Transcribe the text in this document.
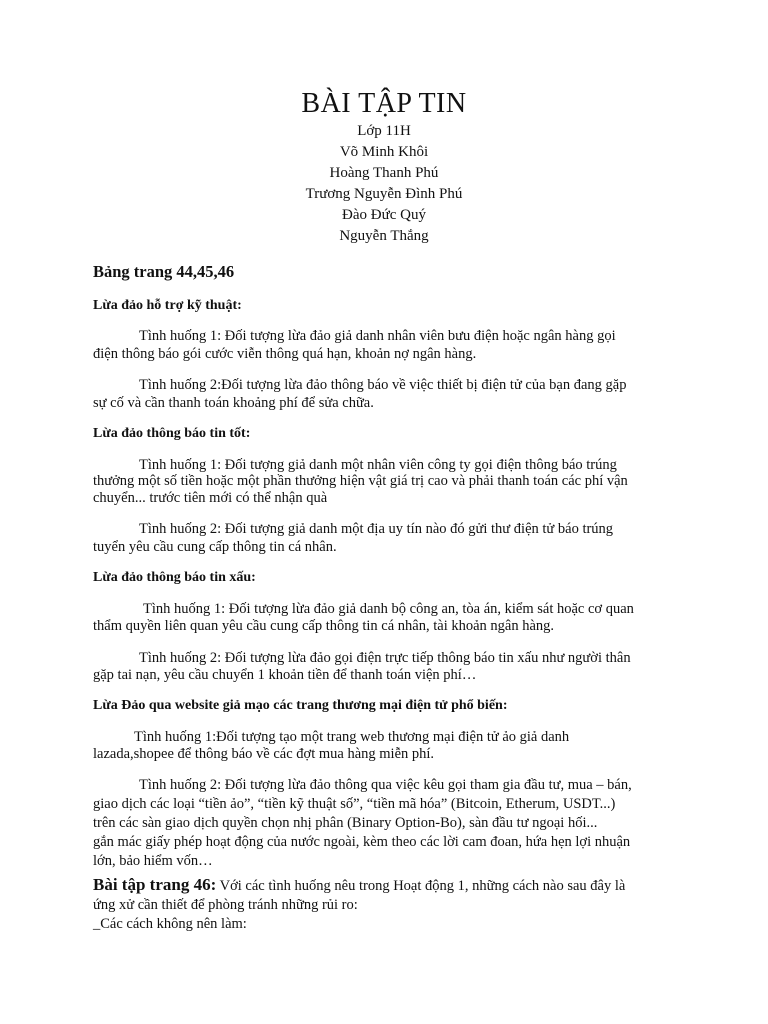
BÀI TẬP TIN
Lớp 11H
Võ Minh Khôi
Hoàng Thanh Phú
Trương Nguyễn Đình Phú
Đào Đức Quý
Nguyễn Thắng
Bảng trang 44,45,46
Lừa đảo hỗ trợ kỹ thuật:
Tình huống 1: Đối tượng lừa đảo giả danh nhân viên bưu điện hoặc ngân hàng gọi
điện thông báo gói cước viễn thông quá hạn, khoản nợ ngân hàng.
Tình huống 2:Đối tượng lừa đảo thông báo về việc thiết bị điện tử của bạn đang gặp
sự cố và cần thanh toán khoảng phí để sửa chữa.
Lừa đảo thông báo tin tốt:
Tình huống 1: Đối tượng giả danh một nhân viên công ty gọi điện thông báo trúng
thưởng một số tiền hoặc một phần thưởng hiện vật giá trị cao và phải thanh toán các phí vận
chuyển... trước tiên mới có thể nhận quà
Tình huống 2: Đối tượng giả danh một địa uy tín nào đó gửi thư điện tử báo trúng
tuyển yêu cầu cung cấp thông tin cá nhân.
Lừa đảo thông báo tin xấu:
Tình huống 1: Đối tượng lừa đảo giả danh bộ công an, tòa án, kiểm sát hoặc cơ quan
thẩm quyền liên quan yêu cầu cung cấp thông tin cá nhân, tài khoản ngân hàng.
Tình huống 2: Đối tượng lừa đảo gọi điện trực tiếp thông báo tin xấu như người thân
gặp tai nạn, yêu cầu chuyển 1 khoản tiền để thanh toán viện phí…
Lừa Đảo qua website giả mạo các trang thương mại điện tử phổ biến:
Tình huống 1:Đối tượng tạo một trang web thương mại điện tử ảo giả danh
lazada,shopee để thông báo về các đợt mua hàng miễn phí.
Tình huống 2: Đối tượng lừa đảo thông qua việc kêu gọi tham gia đầu tư, mua – bán,
giao dịch các loại “tiền ảo”, “tiền kỹ thuật số”, “tiền mã hóa” (Bitcoin, Etherum, USDT...)
trên các sàn giao dịch quyền chọn nhị phân (Binary Option-Bo), sàn đầu tư ngoại hối...
gắn mác giấy phép hoạt động của nước ngoài, kèm theo các lời cam đoan, hứa hẹn lợi nhuận
lớn, bảo hiểm vốn…
Bài tập trang 46: Với các tình huống nêu trong Hoạt động 1, những cách nào sau đây là
ứng xử cần thiết để phòng tránh những rủi ro:
_Các cách không nên làm:
